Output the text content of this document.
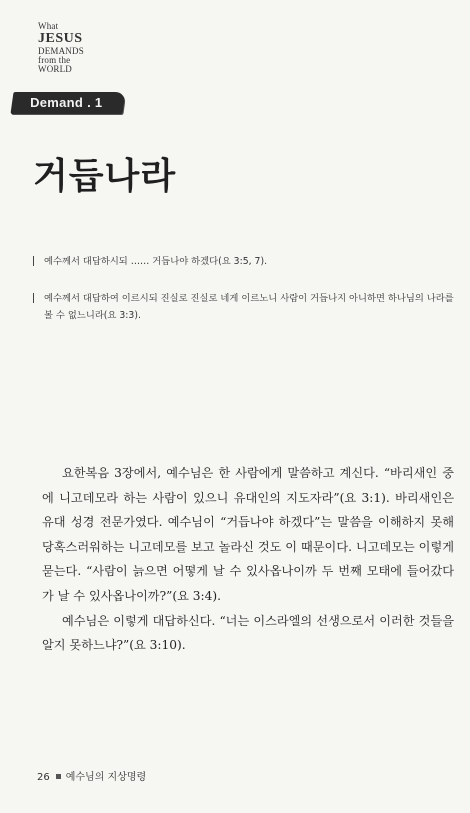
What
JESUS
DEMANDS
from the
WORLD
Demand . 1
거듭나라
예수께서 대답하시되 …… 거듭나야 하겠다(요 3:5, 7).
예수께서 대답하여 이르시되 진실로 진실로 네게 이르노니 사람이 거듭나지 아니하면 하나님의 나라를 볼 수 없느니라(요 3:3).

요한복음 3장에서, 예수님은 한 사람에게 말씀하고 계신다. “바리새인 중에 니고데모라 하는 사람이 있으니 유대인의 지도자라”(요 3:1). 바리새인은 유대 성경 전문가였다. 예수님이 “거듭나야 하겠다”는 말씀을 이해하지 못해 당혹스러워하는 니고데모를 보고 놀라신 것도 이 때문이다. 니고데모는 이렇게 묻는다. “사람이 늙으면 어떻게 날 수 있사옵나이까 두 번째 모태에 들어갔다가 날 수 있사옵나이까?”(요 3:4).

예수님은 이렇게 대답하신다. “너는 이스라엘의 선생으로서 이러한 것들을 알지 못하느냐?”(요 3:10).

26 예수님의 지상명령
